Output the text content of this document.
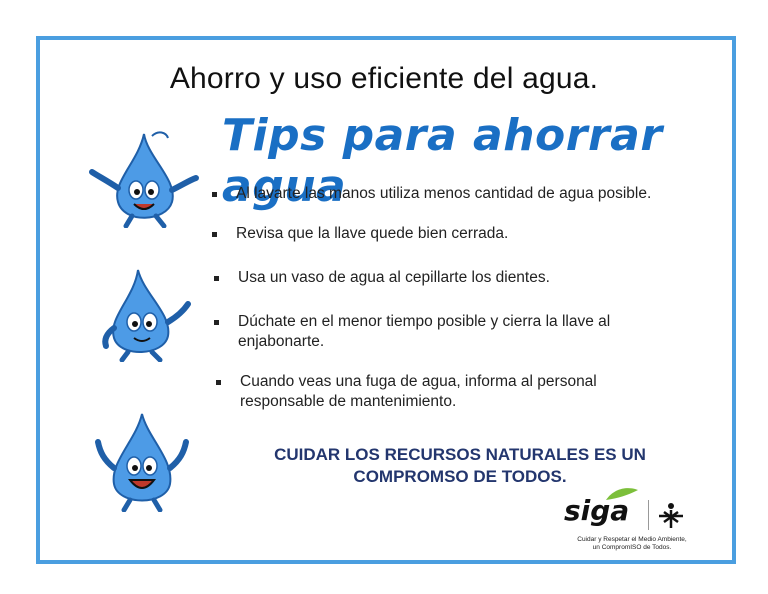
Ahorro y uso eficiente del agua.
Tips para ahorrar agua
Al lavarte las manos utiliza menos cantidad de agua posible.
Revisa que la llave quede bien cerrada.
Usa un vaso de agua al cepillarte los dientes.
Dúchate en el menor tiempo posible y cierra la llave al enjabonarte.
Cuando veas una fuga de agua, informa al personal responsable de mantenimiento.
CUIDAR LOS RECURSOS NATURALES ES UN
COMPROMSO DE TODOS.
siga
Cuidar y Respetar el Medio Ambiente,
un CompromISO de Todos.
